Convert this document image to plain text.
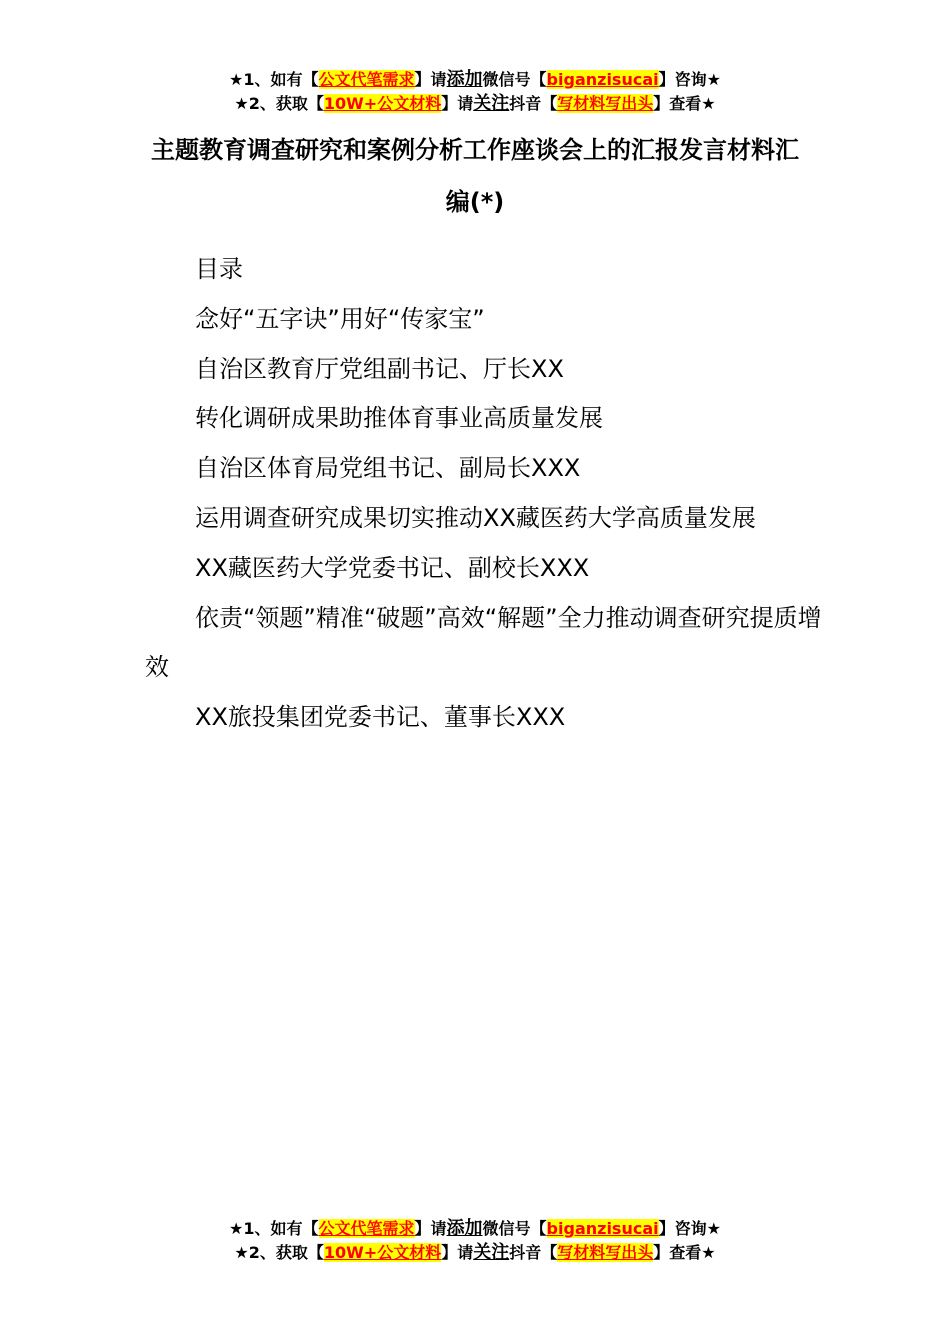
★1、如有【公文代笔需求】请添加微信号【biganzisucai】咨询★
★2、获取【10W+公文材料】请关注抖音【写材料写出头】查看★
主题教育调查研究和案例分析工作座谈会上的汇报发言材料汇编(*)

目录

念好“五字诀”用好“传家宝”

自治区教育厅党组副书记、厅长XX

转化调研成果助推体育事业高质量发展

自治区体育局党组书记、副局长XXX

运用调查研究成果切实推动XX藏医药大学高质量发展

XX藏医药大学党委书记、副校长XXX

依责“领题”精准“破题”高效“解题”全力推动调查研究提质增效

XX旅投集团党委书记、董事长XXX

★1、如有【公文代笔需求】请添加微信号【biganzisucai】咨询★
★2、获取【10W+公文材料】请关注抖音【写材料写出头】查看★
